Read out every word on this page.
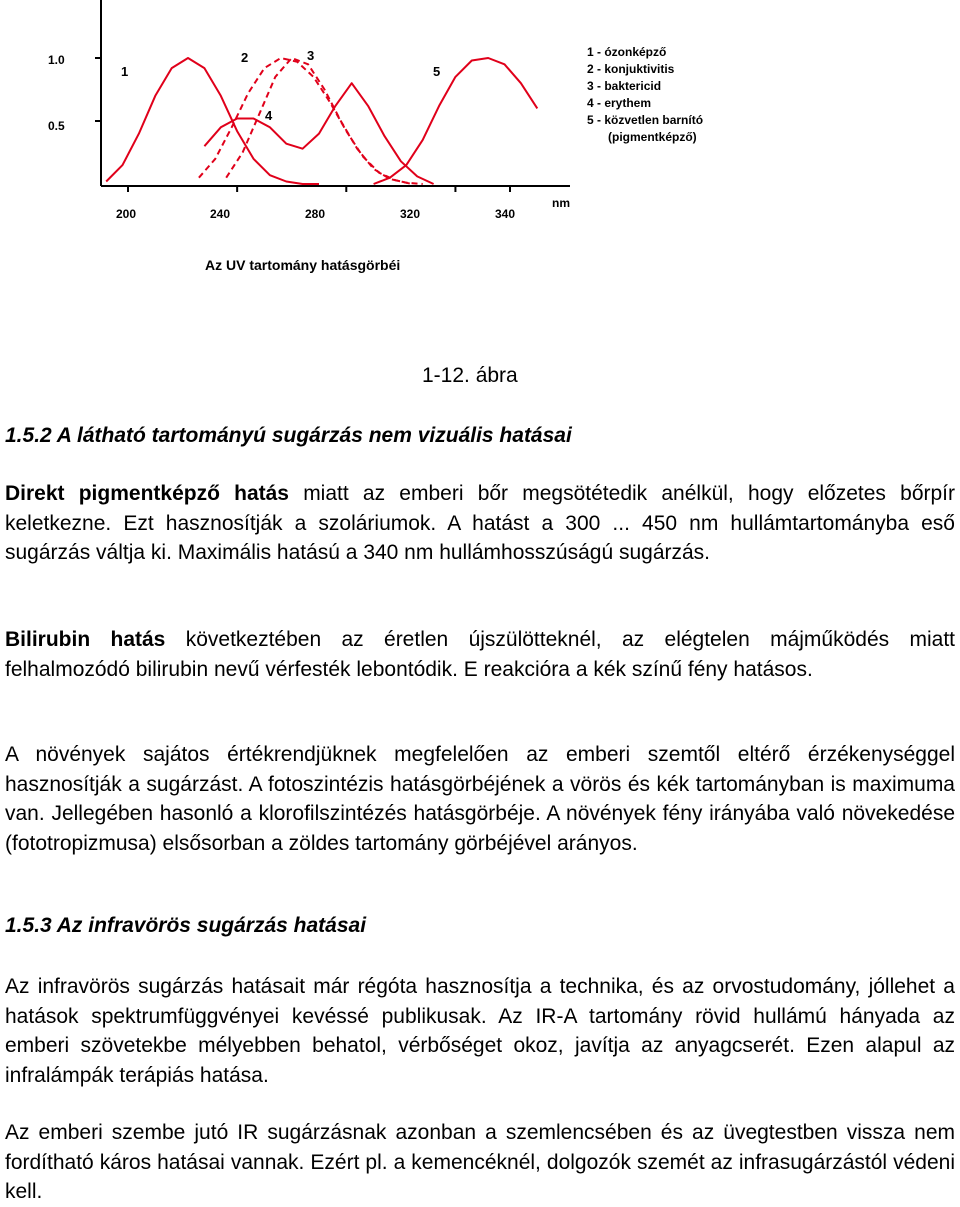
1.0
0.5
200	240	280	320	340
nm
1
2	3
4
5
1 - ózonképző
2 - konjuktivitis
3 - baktericid
4 - erythem
5 - közvetlen barnító
(pigmentképző)
Az UV tartomány hatásgörbéi
1-12. ábra
1.5.2 A látható tartományú sugárzás nem vizuális hatásai

Direkt pigmentképző hatás miatt az emberi bőr megsötétedik anélkül, hogy előzetes bőrpír keletkezne. Ezt hasznosítják a szoláriumok. A hatást a 300 ... 450 nm hullámtartományba eső sugárzás váltja ki. Maximális hatású a 340 nm hullámhosszúságú sugárzás.

Bilirubin hatás következtében az éretlen újszülötteknél, az elégtelen májműködés miatt felhalmozódó bilirubin nevű vérfesték lebontódik. E reakcióra a kék színű fény hatásos.

A növények sajátos értékrendjüknek megfelelően az emberi szemtől eltérő érzékenységgel hasznosítják a sugárzást. A fotoszintézis hatásgörbéjének a vörös és kék tartományban is maximuma van. Jellegében hasonló a klorofilszintézés hatásgörbéje. A növények fény irányába való növekedése (fototropizmusa) elsősorban a zöldes tartomány görbéjével arányos.

1.5.3 Az infravörös sugárzás hatásai

Az infravörös sugárzás hatásait már régóta hasznosítja a technika, és az orvostudomány, jóllehet a hatások spektrumfüggvényei kevéssé publikusak. Az IR-A tartomány rövid hullámú hányada az emberi szövetekbe mélyebben behatol, vérbőséget okoz, javítja az anyagcserét. Ezen alapul az infralámpák terápiás hatása.

Az emberi szembe jutó IR sugárzásnak azonban a szemlencsében és az üvegtestben vissza nem fordítható káros hatásai vannak. Ezért pl. a kemencéknél, dolgozók szemét az infrasugárzástól védeni kell.
